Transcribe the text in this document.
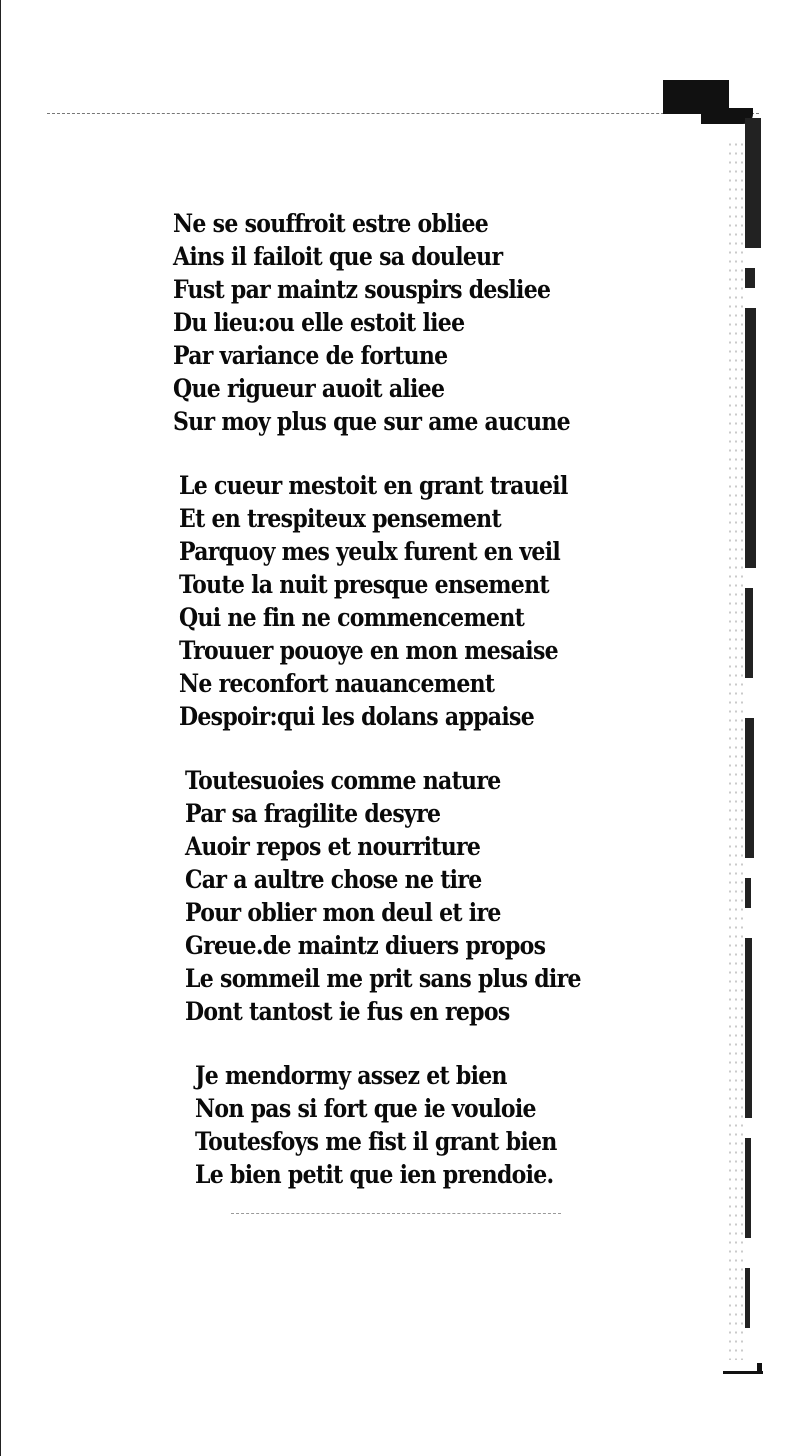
Ne se souffroit estre obliee
Ains il failoit que sa douleur
Fust par maintz souspirs desliee
Du lieu:ou elle estoit liee
Par variance de fortune
Que rigueur auoit aliee
Sur moy plus que sur ame aucune
Le cueur mestoit en grant traueil
Et en trespiteux pensement
Parquoy mes yeulx furent en veil
Toute la nuit presque ensement
Qui ne fin ne commencement
Trouuer pouoye en mon mesaise
Ne reconfort nauancement
Despoir:qui les dolans appaise
Toutesuoies comme nature
Par sa fragilite desyre
Auoir repos et nourriture
Car a aultre chose ne tire
Pour oblier mon deul et ire
Greue.de maintz diuers propos
Le sommeil me prit sans plus dire
Dont tantost ie fus en repos
Je mendormy assez et bien
Non pas si fort que ie vouloie
Toutesfoys me fist il grant bien
Le bien petit que ien prendoie.
